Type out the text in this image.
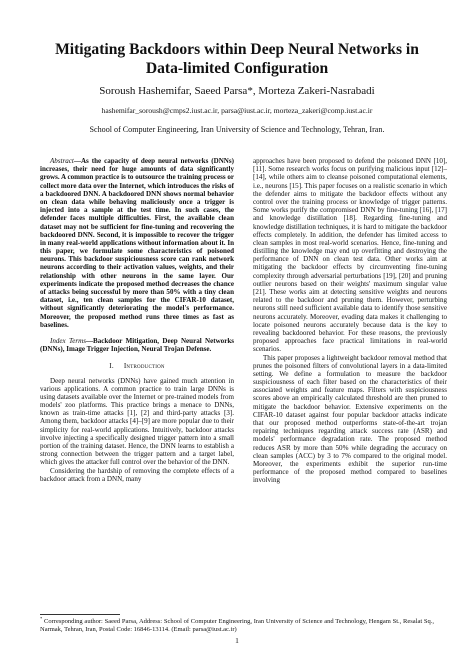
Mitigating Backdoors within Deep Neural Networks in Data-limited Configuration
Soroush Hashemifar, Saeed Parsa*, Morteza Zakeri-Nasrabadi
hashemifar_soroush@cmps2.iust.ac.ir, parsa@iust.ac.ir, morteza_zakeri@comp.iust.ac.ir
School of Computer Engineering, Iran University of Science and Technology, Tehran, Iran.

Abstract—As the capacity of deep neural networks (DNNs) increases, their need for huge amounts of data significantly grows. A common practice is to outsource the training process or collect more data over the Internet, which introduces the risks of a backdoored DNN. A backdoored DNN shows normal behavior on clean data while behaving maliciously once a trigger is injected into a sample at the test time. In such cases, the defender faces multiple difficulties. First, the available clean dataset may not be sufficient for fine-tuning and recovering the backdoored DNN. Second, it is impossible to recover the trigger in many real-world applications without information about it. In this paper, we formulate some characteristics of poisoned neurons. This backdoor suspiciousness score can rank network neurons according to their activation values, weights, and their relationship with other neurons in the same layer. Our experiments indicate the proposed method decreases the chance of attacks being successful by more than 50% with a tiny clean dataset, i.e., ten clean samples for the CIFAR-10 dataset, without significantly deteriorating the model's performance. Moreover, the proposed method runs three times as fast as baselines.

Index Terms—Backdoor Mitigation, Deep Neural Networks (DNNs), Image Trigger Injection, Neural Trojan Defense.

I. Introduction

Deep neural networks (DNNs) have gained much attention in various applications. A common practice to train large DNNs is using datasets available over the Internet or pre-trained models from models' zoo platforms. This practice brings a menace to DNNs, known as train-time attacks [1], [2] and third-party attacks [3]. Among them, backdoor attacks [4]–[9] are more popular due to their simplicity for real-world applications. Intuitively, backdoor attacks involve injecting a specifically designed trigger pattern into a small portion of the training dataset. Hence, the DNN learns to establish a strong connection between the trigger pattern and a target label, which gives the attacker full control over the behavior of the DNN.

Considering the hardship of removing the complete effects of a backdoor attack from a DNN, many

approaches have been proposed to defend the poisoned DNN [10], [11]. Some research works focus on purifying malicious input [12]–[14], while others aim to cleanse poisoned computational elements, i.e., neurons [15]. This paper focuses on a realistic scenario in which the defender aims to mitigate the backdoor effects without any control over the training process or knowledge of trigger patterns. Some works purify the compromised DNN by fine-tuning [16], [17] and knowledge distillation [18]. Regarding fine-tuning and knowledge distillation techniques, it is hard to mitigate the backdoor effects completely. In addition, the defender has limited access to clean samples in most real-world scenarios. Hence, fine-tuning and distilling the knowledge may end up overfitting and destroying the performance of DNN on clean test data. Other works aim at mitigating the backdoor effects by circumventing fine-tuning complexity through adversarial perturbations [19], [20] and pruning outlier neurons based on their weights' maximum singular value [21]. These works aim at detecting sensitive weights and neurons related to the backdoor and pruning them. However, perturbing neurons still need sufficient available data to identify those sensitive neurons accurately. Moreover, evading data makes it challenging to locate poisoned neurons accurately because data is the key to revealing backdoored behavior. For these reasons, the previously proposed approaches face practical limitations in real-world scenarios.

This paper proposes a lightweight backdoor removal method that prunes the poisoned filters of convolutional layers in a data-limited setting. We define a formulation to measure the backdoor suspiciousness of each filter based on the characteristics of their associated weights and feature maps. Filters with suspiciousness scores above an empirically calculated threshold are then pruned to mitigate the backdoor behavior. Extensive experiments on the CIFAR-10 dataset against four popular backdoor attacks indicate that our proposed method outperforms state-of-the-art trojan repairing techniques regarding attack success rate (ASR) and models' performance degradation rate. The proposed method reduces ASR by more than 50% while degrading the accuracy on clean samples (ACC) by 3 to 7% compared to the original model. Moreover, the experiments exhibit the superior run-time performance of the proposed method compared to baselines involving

* Corresponding author: Saeed Parsa, Address: School of Computer Engineering, Iran University of Science and Technology, Hengam St., Resalat Sq., Narmak, Tehran, Iran, Postal Code: 16846-13114. (Email: parsa@iust.ac.ir)
1
